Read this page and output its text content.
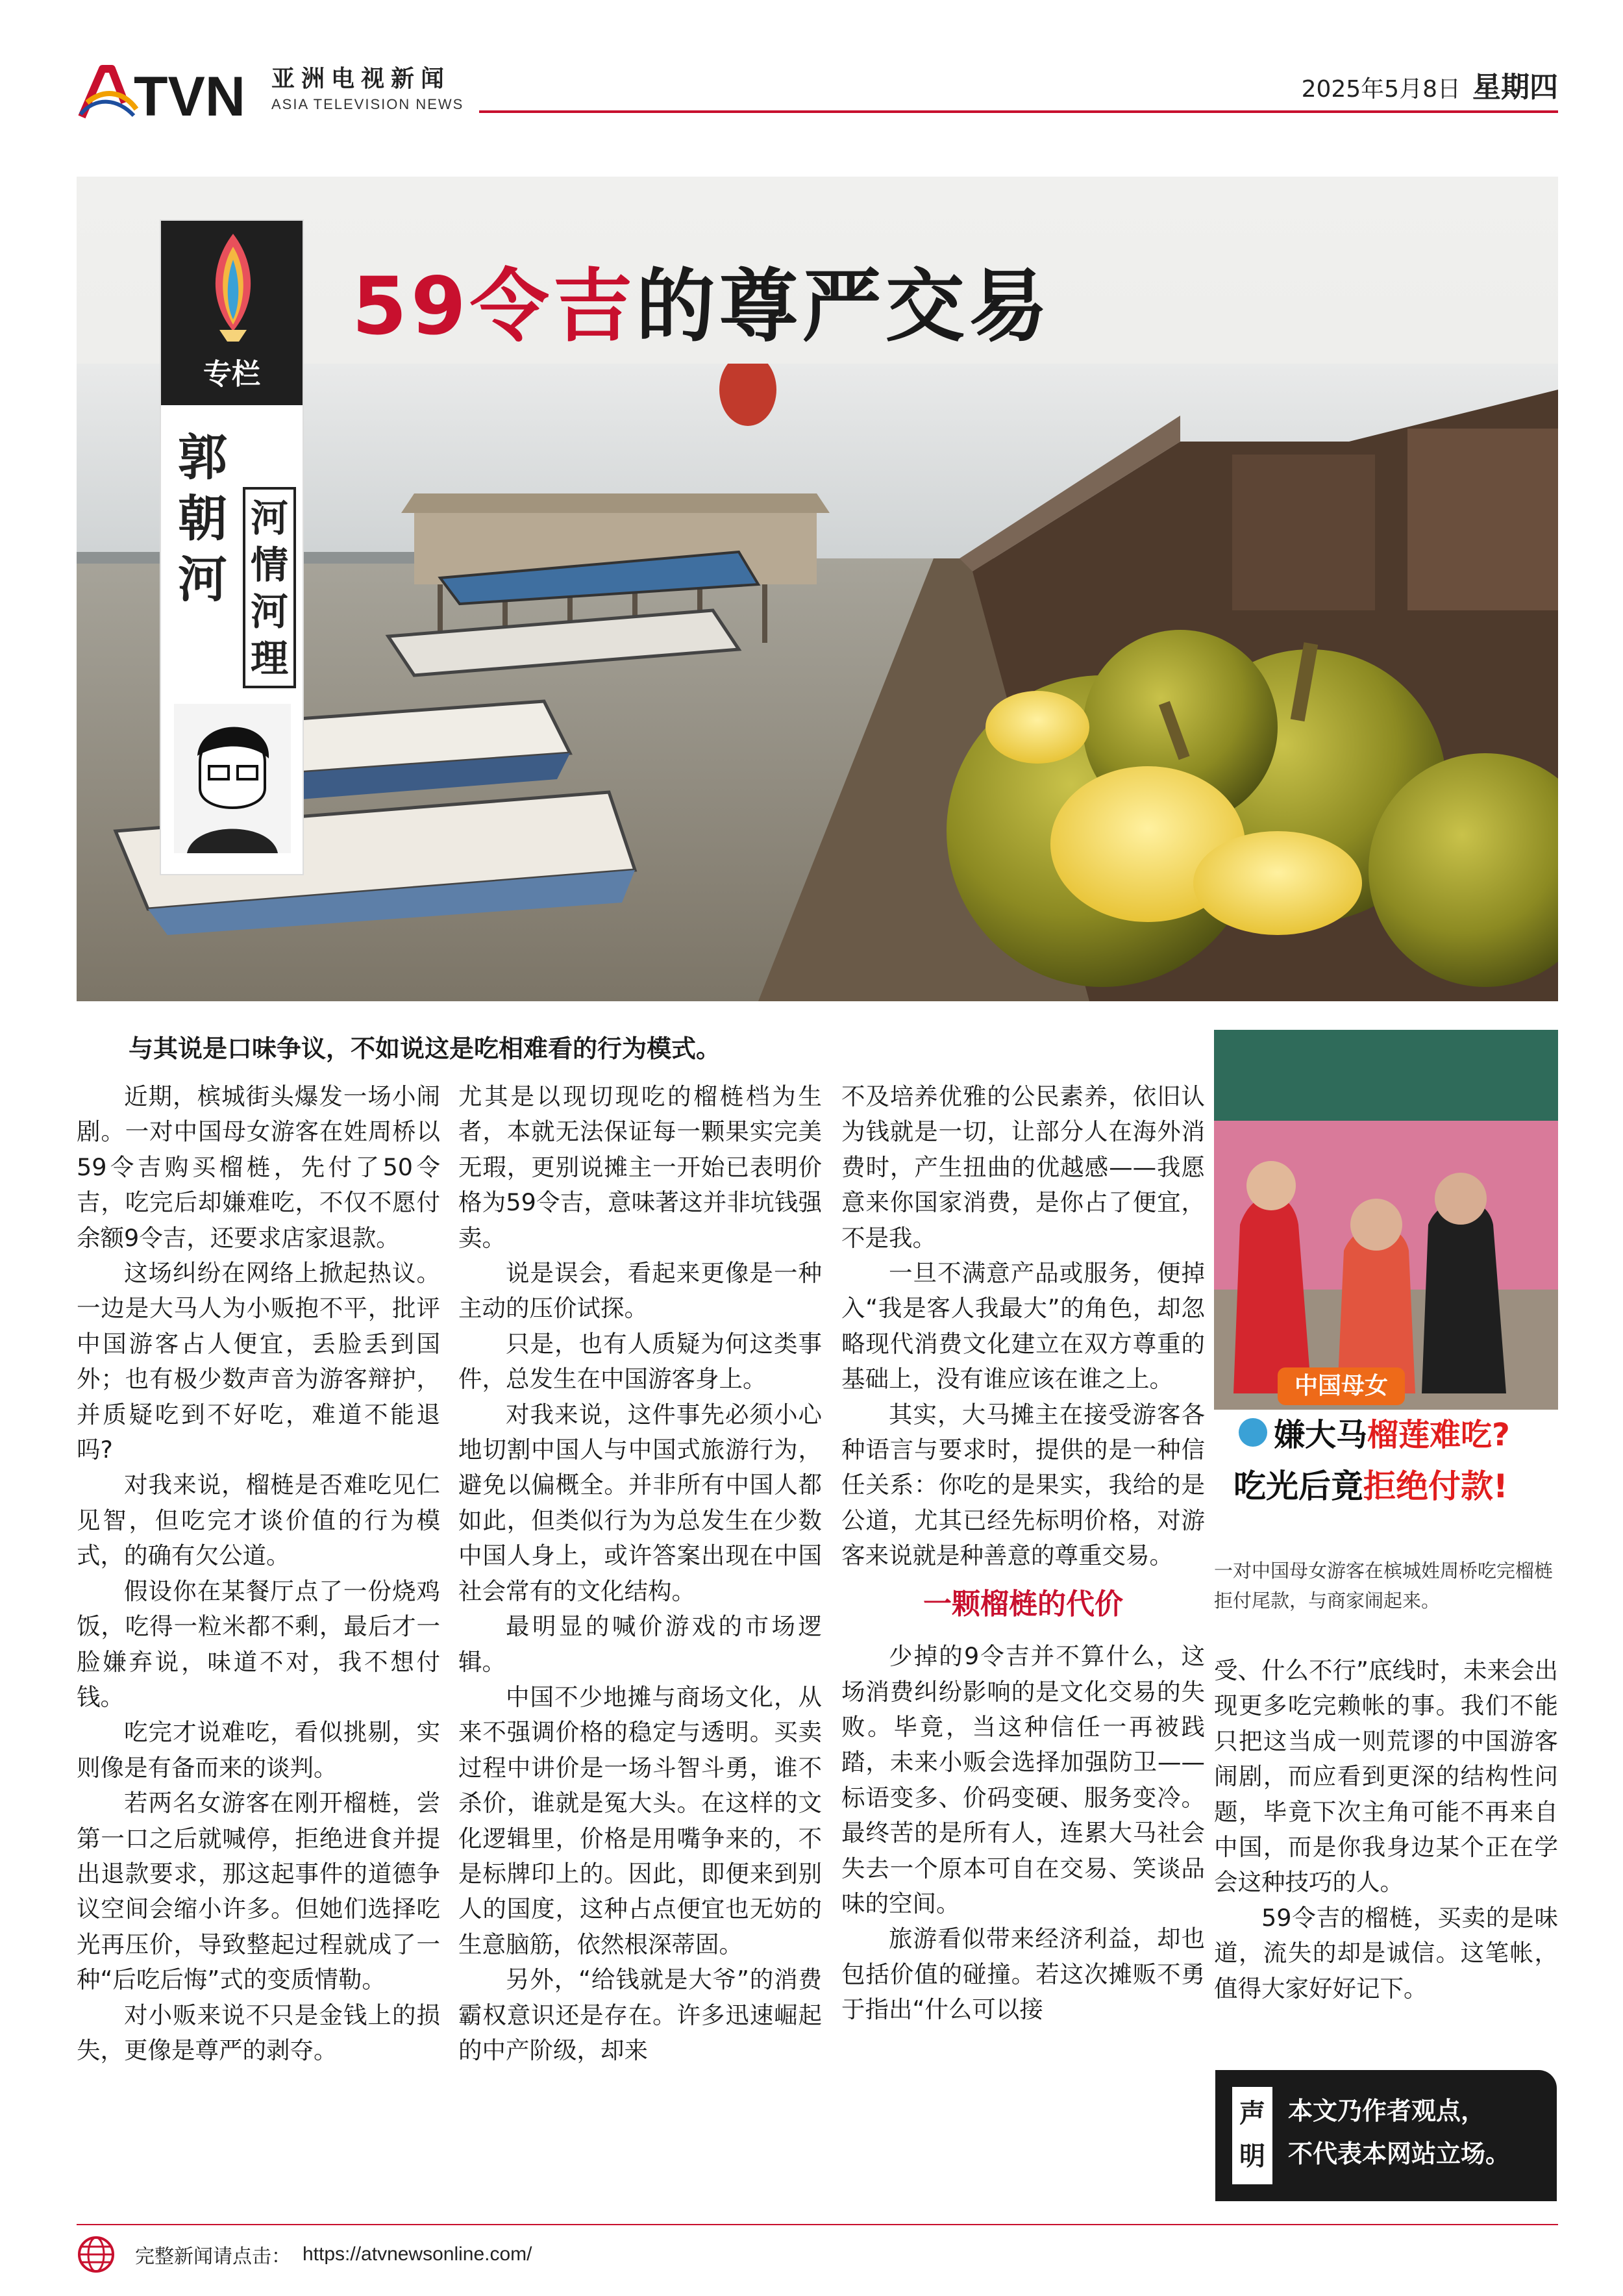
TVN 亚洲电视新闻
ASIA TELEVISION NEWS
2025年5月8日 星期四
59令吉的尊严交易
专栏
郭朝河
河情河理
与其说是口味争议，不如说这是吃相难看的行为模式。

近期，槟城街头爆发一场小闹剧。一对中国母女游客在姓周桥以59令吉购买榴梿，先付了50令吉，吃完后却嫌难吃，不仅不愿付余额9令吉，还要求店家退款。

这场纠纷在网络上掀起热议。一边是大马人为小贩抱不平，批评中国游客占人便宜，丢脸丢到国外；也有极少数声音为游客辩护，并质疑吃到不好吃，难道不能退吗?

对我来说，榴梿是否难吃见仁见智，但吃完才谈价值的行为模式，的确有欠公道。

假设你在某餐厅点了一份烧鸡饭，吃得一粒米都不剩，最后才一脸嫌弃说，味道不对，我不想付钱。

吃完才说难吃，看似挑剔，实则像是有备而来的谈判。

若两名女游客在刚开榴梿，尝第一口之后就喊停，拒绝进食并提出退款要求，那这起事件的道德争议空间会缩小许多。但她们选择吃光再压价，导致整起过程就成了一种“后吃后悔”式的变质情勒。

对小贩来说不只是金钱上的损失，更像是尊严的剥夺。

尤其是以现切现吃的榴梿档为生者，本就无法保证每一颗果实完美无瑕，更别说摊主一开始已表明价格为59令吉，意味著这并非坑钱强卖。

说是误会，看起来更像是一种主动的压价试探。

只是，也有人质疑为何这类事件，总发生在中国游客身上。

对我来说，这件事先必须小心地切割中国人与中国式旅游行为，避免以偏概全。并非所有中国人都如此，但类似行为为总发生在少数中国人身上，或许答案出现在中国社会常有的文化结构。

最明显的喊价游戏的市场逻辑。

中国不少地摊与商场文化，从来不强调价格的稳定与透明。买卖过程中讲价是一场斗智斗勇，谁不杀价，谁就是冤大头。在这样的文化逻辑里，价格是用嘴争来的，不是标牌印上的。因此，即便来到别人的国度，这种占点便宜也无妨的生意脑筋，依然根深蒂固。

另外，“给钱就是大爷”的消费霸权意识还是存在。许多迅速崛起的中产阶级，却来

不及培养优雅的公民素养，依旧认为钱就是一切，让部分人在海外消费时，产生扭曲的优越感——我愿意来你国家消费，是你占了便宜，不是我。

一旦不满意产品或服务，便掉入“我是客人我最大”的角色，却忽略现代消费文化建立在双方尊重的基础上，没有谁应该在谁之上。

其实，大马摊主在接受游客各种语言与要求时，提供的是一种信任关系：你吃的是果实，我给的是公道，尤其已经先标明价格，对游客来说就是种善意的尊重交易。

一颗榴梿的代价

少掉的9令吉并不算什么，这场消费纠纷影响的是文化交易的失败。毕竟，当这种信任一再被践踏，未来小贩会选择加强防卫——标语变多、价码变硬、服务变冷。最终苦的是所有人，连累大马社会失去一个原本可自在交易、笑谈品味的空间。

旅游看似带来经济利益，却也包括价值的碰撞。若这次摊贩不勇于指出“什么可以接

受、什么不行”底线时，未来会出现更多吃完赖帐的事。我们不能只把这当成一则荒谬的中国游客闹剧，而应看到更深的结构性问题，毕竟下次主角可能不再来自中国，而是你我身边某个正在学会这种技巧的人。

59令吉的榴梿，买卖的是味道，流失的却是诚信。这笔帐，值得大家好好记下。

中国母女
嫌大马榴莲难吃?
吃光后竟拒绝付款!
一对中国母女游客在槟城姓周桥吃完榴梿拒付尾款，与商家闹起来。
声
明
本文乃作者观点，
不代表本网站立场。
完整新闻请点击： https://atvnewsonline.com/
